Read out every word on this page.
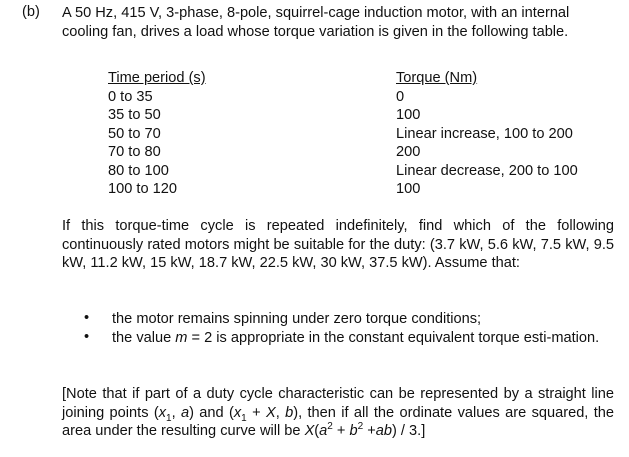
(b) A 50 Hz, 415 V, 3-phase, 8-pole, squirrel-cage induction motor, with an internal
cooling fan, drives a load whose torque variation is given in the following table.
Time period (s)	Torque (Nm)
0 to 35	0
35 to 50	100
50 to 70	Linear increase, 100 to 200
70 to 80	200
80 to 100	Linear decrease, 200 to 100
100 to 120	100
If this torque-time cycle is repeated indefinitely, find which of the following continuously rated motors might be suitable for the duty: (3.7 kW, 5.6 kW, 7.5 kW, 9.5 kW, 11.2 kW, 15 kW, 18.7 kW, 22.5 kW, 30 kW, 37.5 kW). Assume that:
• the motor remains spinning under zero torque conditions;
• the value m = 2 is appropriate in the constant equivalent torque esti-mation.
[Note that if part of a duty cycle characteristic can be represented by a straight line joining points ($x_1$, a) and ($x_1 + X$, b), then if all the ordinate values are squared, the area under the resulting curve will be $X(a^2 + b^2 +ab) / 3$.]
